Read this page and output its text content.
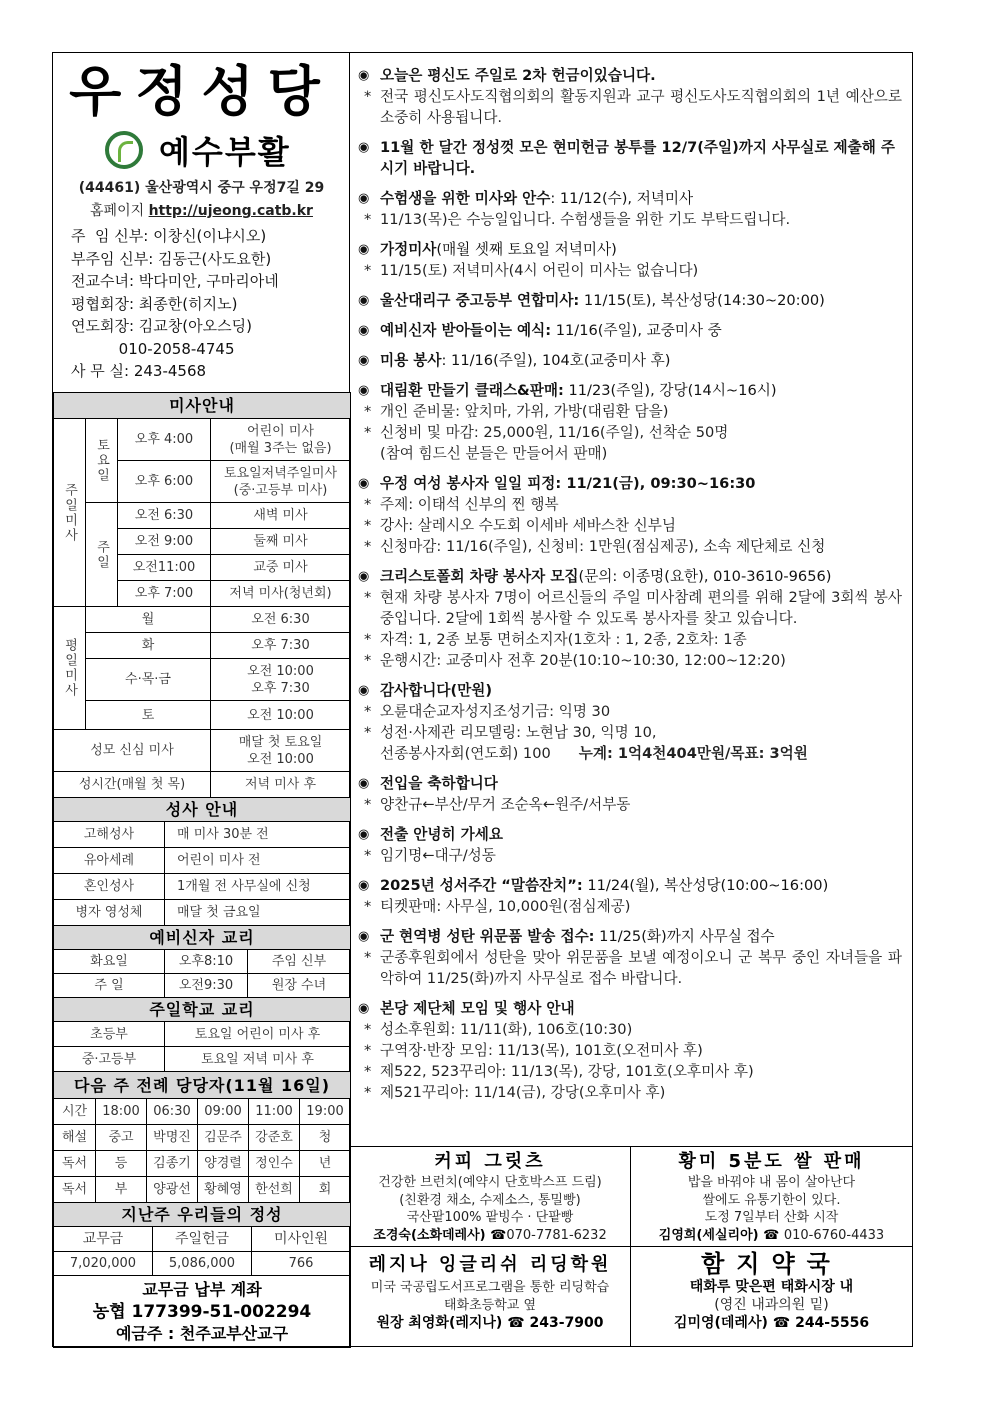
우정성당
예수부활
(44461) 울산광역시 중구 우정7길 29
홈페이지 http://ujeong.catb.kr
주  임 신부: 이창신(이냐시오)
부주임 신부: 김동근(사도요한)
전교수녀: 박다미안, 구마리아네
평협회장: 최종한(히지노)
연도회장: 김교창(아오스딩)
010-2058-4745
사 무 실: 243-4568
미사안내			
주일미사	토요일	오후 4:00	어린이 미사
(매월 3주는 없음)

		오후 6:00	토요일저녁주일미사
(중·고등부 미사)

	주일	오전 6:30	새벽 미사
		오전 9:00	둘째 미사
		오전11:00	교중 미사
		오후 7:00	저녁 미사(청년회)
평일미사	월		오전 6:30
	화		오후 7:30
	수·목·금		오전 10:00
오후 7:30

	토		오전 10:00
성모 신심 미사			매달 첫 토요일
오전 10:00

성시간(매월 첫 목)			저녁 미사 후
성사 안내	
고해성사	매 미사 30분 전
유아세례	어린이 미사 전
혼인성사	1개월 전 사무실에 신청
병자 영성체	매달 첫 금요일
예비신자 교리		
화요일	오후8:10	주임 신부
주 일	오전9:30	원장 수녀
주일학교 교리	
초등부	토요일 어린이 미사 후
중·고등부	토요일 저녁 미사 후
다음 주 전례 당당자(11월 16일)					
시간	18:00	06:30	09:00	11:00	19:00
해설	중고	박명진	김문주	강준호	청
독서	등	김종기	양경렬	정인수	년
독서	부	양광선	황혜영	한선희	회
지난주 우리들의 정성		
교무금	주일헌금	미사인원
7,020,000	5,086,000	766

교무금 납부 계좌
농협 177399-51-002294
예금주 : 천주교부산교구		
◉ 오늘은 평신도 주일로 2차 헌금이있습니다.
* 전국 평신도사도직협의회의 활동지원과 교구 평신도사도직협의회의 1년 예산으로 소중히 사용됩니다.
◉ 11월 한 달간 정성껏 모은 현미헌금 봉투를 12/7(주일)까지 사무실로 제출해 주시기 바랍니다.
◉ 수험생을 위한 미사와 안수: 11/12(수), 저녁미사
* 11/13(목)은 수능일입니다. 수험생들을 위한 기도 부탁드립니다.
◉ 가정미사(매월 셋째 토요일 저녁미사)
* 11/15(토) 저녁미사(4시 어린이 미사는 없습니다)
◉ 울산대리구 중고등부 연합미사: 11/15(토), 복산성당(14:30~20:00)
◉ 예비신자 받아들이는 예식: 11/16(주일), 교중미사 중
◉ 미용 봉사: 11/16(주일), 104호(교중미사 후)
◉ 대림환 만들기 클래스&판매: 11/23(주일), 강당(14시~16시)
* 개인 준비물: 앞치마, 가위, 가방(대림환 담을)
* 신청비 및 마감: 25,000원, 11/16(주일), 선착순 50명
(참여 힘드신 분들은 만들어서 판매)
◉ 우정 여성 봉사자 일일 피정: 11/21(금), 09:30~16:30
* 주제: 이태석 신부의 찐 행복
* 강사: 살레시오 수도회 이세바 세바스찬 신부님
* 신청마감: 11/16(주일), 신청비: 1만원(점심제공), 소속 제단체로 신청
◉ 크리스토폴회 차량 봉사자 모집(문의: 이종명(요한), 010-3610-9656)
* 현재 차량 봉사자 7명이 어르신들의 주일 미사참례 편의를 위해 2달에 3회씩 봉사 중입니다. 2달에 1회씩 봉사할 수 있도록 봉사자를 찾고 있습니다.
* 자격: 1, 2종 보통 면허소지자(1호차 : 1, 2종, 2호차: 1종
* 운행시간: 교중미사 전후 20분(10:10~10:30, 12:00~12:20)
◉ 감사합니다(만원)
* 오륜대순교자성지조성기금: 익명 30
* 성전·사제관 리모델링: 노현남 30, 익명 10,
선종봉사자회(연도회) 100 누계: 1억4천404만원/목표: 3억원
◉ 전입을 축하합니다
* 양찬규←부산/무거 조순옥←원주/서부동
◉ 전출 안녕히 가세요
* 임기명←대구/성동
◉ 2025년 성서주간 “말씀잔치”: 11/24(월), 복산성당(10:00~16:00)
* 티켓판매: 사무실, 10,000원(점심제공)
◉ 군 현역병 성탄 위문품 발송 접수: 11/25(화)까지 사무실 접수
* 군종후원회에서 성탄을 맞아 위문품을 보낼 예정이오니 군 복무 중인 자녀들을 파악하여 11/25(화)까지 사무실로 접수 바랍니다.
◉ 본당 제단체 모임 및 행사 안내
* 성소후원회: 11/11(화), 106호(10:30)
* 구역장·반장 모임: 11/13(목), 101호(오전미사 후)
* 제522, 523꾸리아: 11/13(목), 강당, 101호(오후미사 후)
* 제521꾸리아: 11/14(금), 강당(오후미사 후)
커피 그릿츠
건강한 브런치(예약시 단호박스프 드림)
(친환경 채소, 수제소스, 통밀빵)
국산팥100% 팥빙수 · 단팥빵
조경숙(소화데레사) ☎070-7781-6232
황미 5분도 쌀 판매
밥을 바꿔야 내 몸이 살아난다
쌀에도 유통기한이 있다.
도정 7일부터 산화 시작
김영희(세실리아) ☎ 010-6760-4433
레지나 잉글리쉬 리딩학원
미국 국공립도서프로그램을 통한 리딩학습
태화초등학교 옆
원장 최영화(레지나) ☎ 243-7900
함지약국
태화루 맞은편 태화시장 내
(영진 내과의원 밑)
김미영(데레사) ☎ 244-5556
